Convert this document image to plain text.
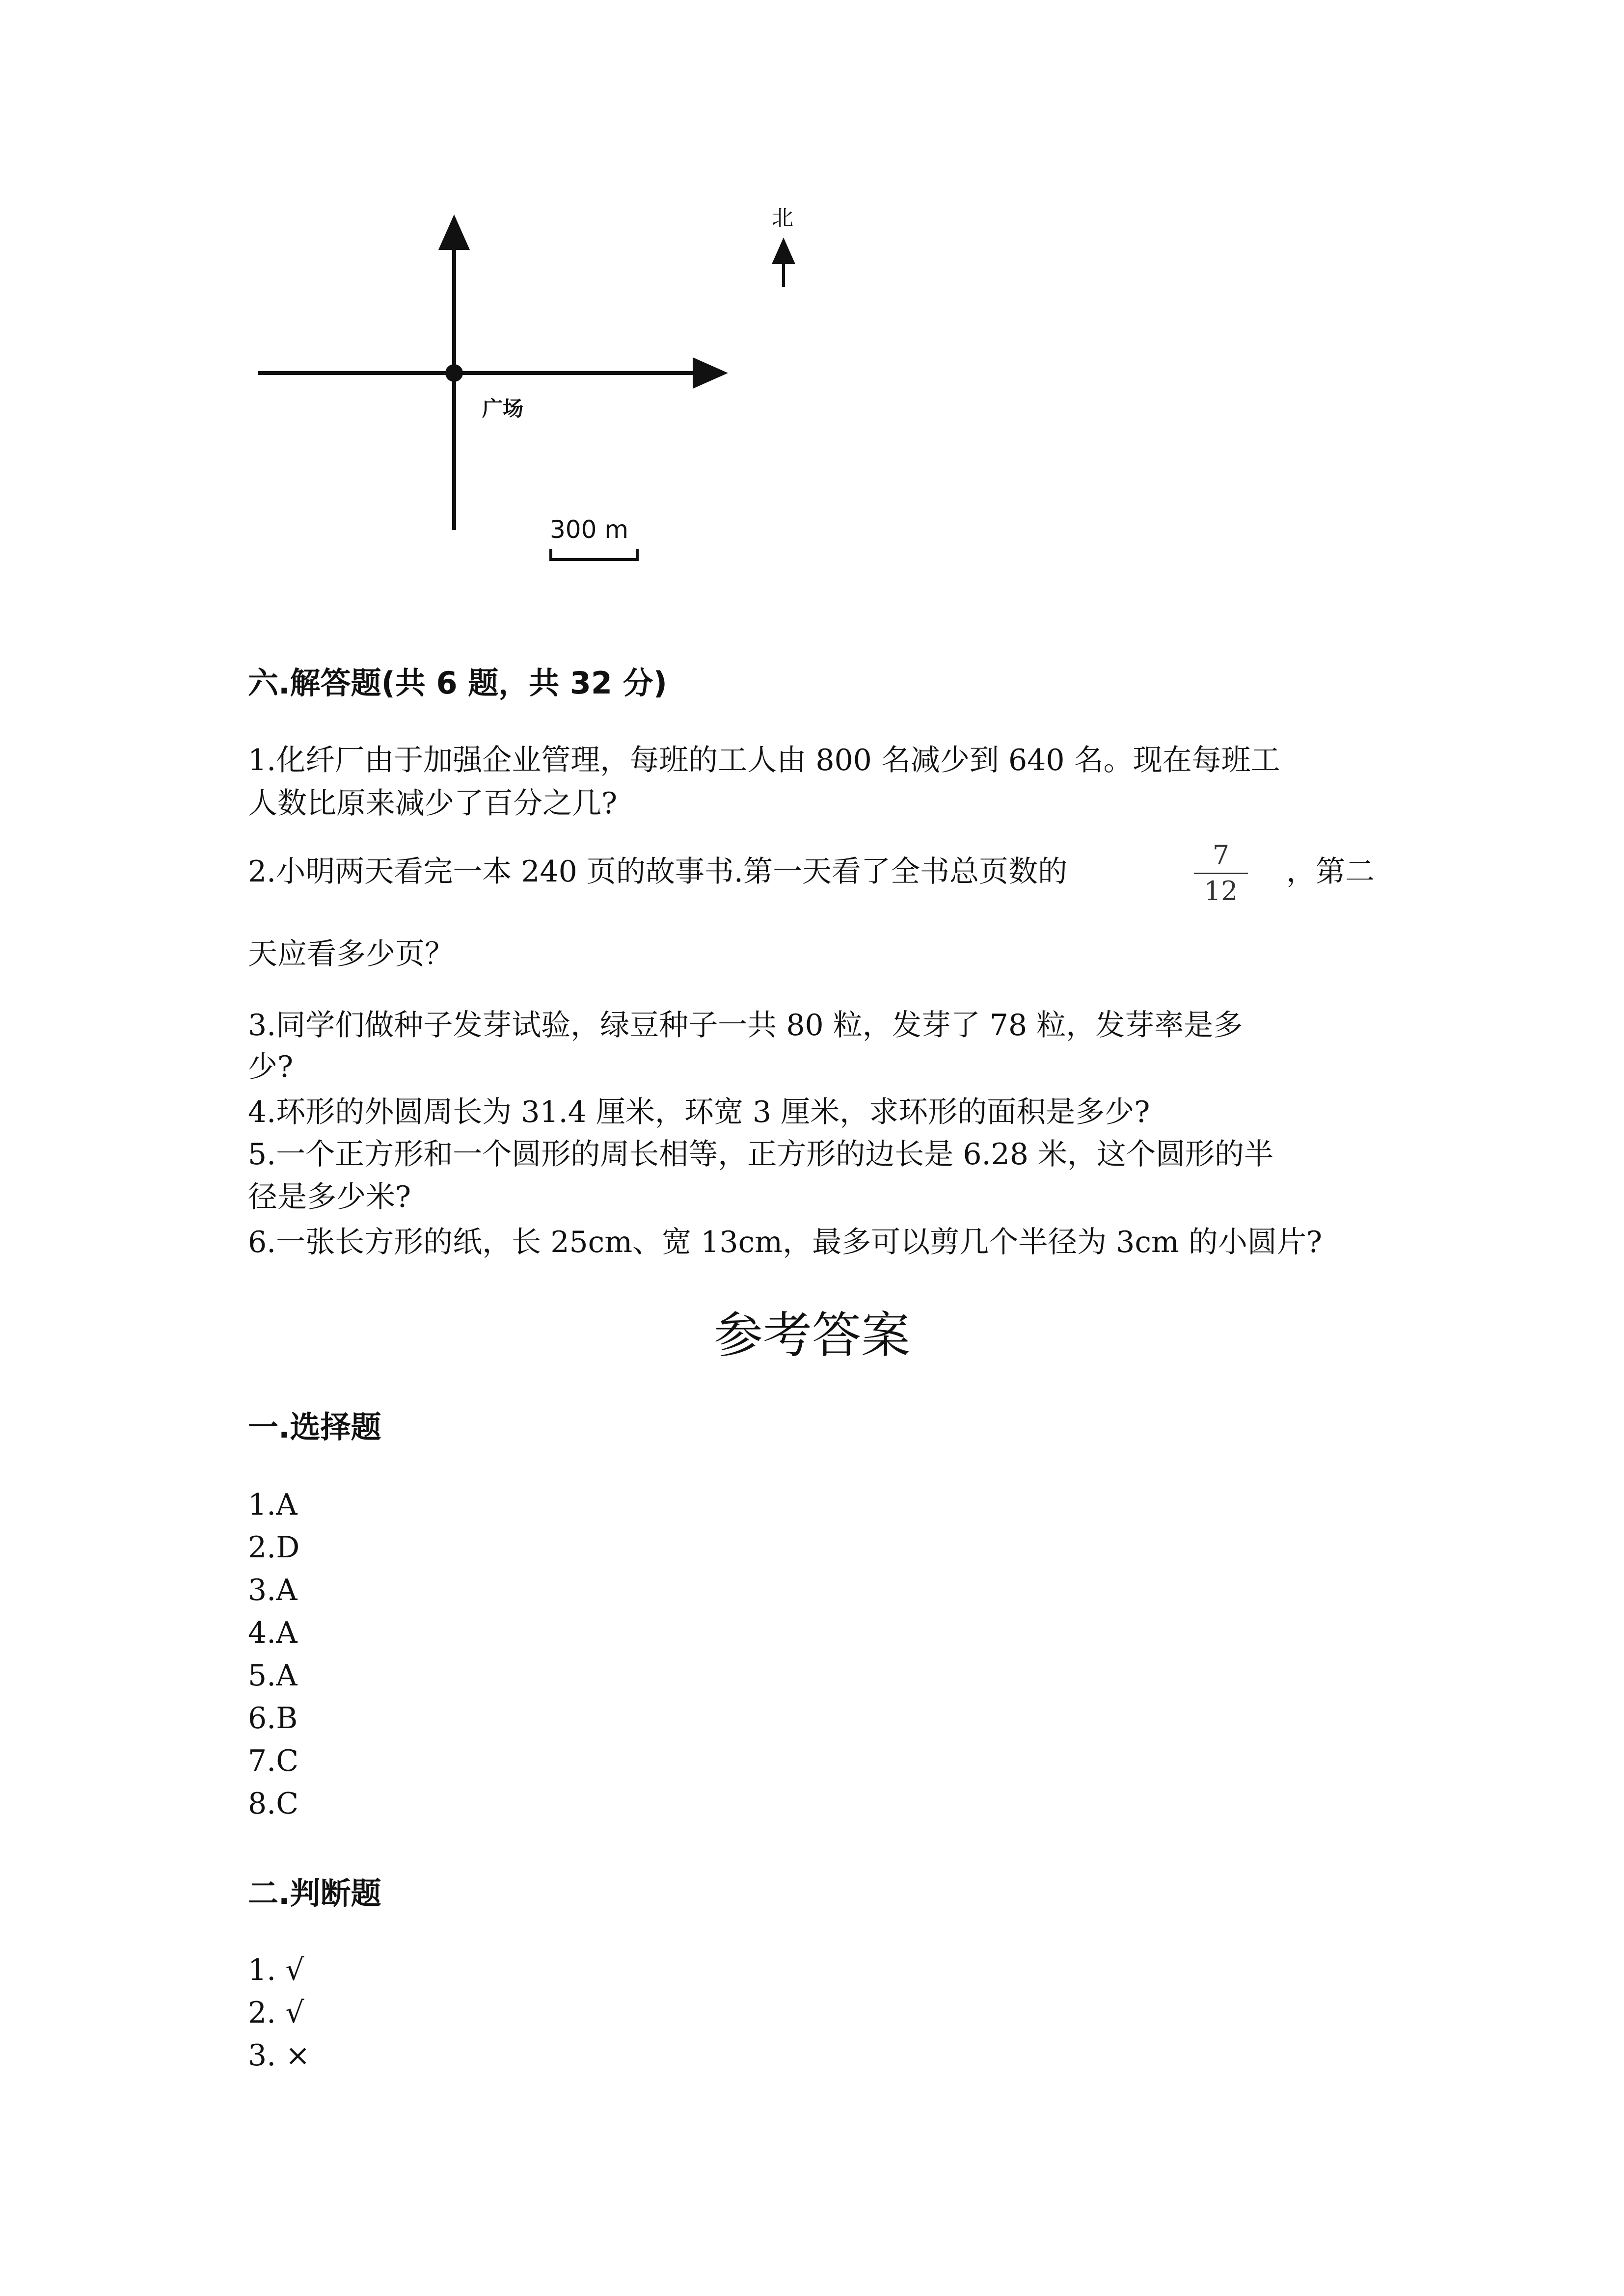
北
广场
300 m
六.解答题(共 6 题，共 32 分)
1.化纤厂由于加强企业管理，每班的工人由 800 名减少到 640 名。现在每班工
人数比原来减少了百分之几?
2.小明两天看完一本 240 页的故事书.第一天看了全书总页数的	7
12
，第二
天应看多少页？
3.同学们做种子发芽试验，绿豆种子一共 80 粒，发芽了 78 粒，发芽率是多
少?
4.环形的外圆周长为 31.4 厘米，环宽 3 厘米，求环形的面积是多少?
5.一个正方形和一个圆形的周长相等，正方形的边长是 6.28 米，这个圆形的半
径是多少米?
6.一张长方形的纸，长 25cm、宽 13cm，最多可以剪几个半径为 3cm 的小圆片?
参考答案
一.选择题
1.A
2.D
3.A
4.A
5.A
6.B
7.C
8.C
二.判断题
1. √
2. √
3. ×
